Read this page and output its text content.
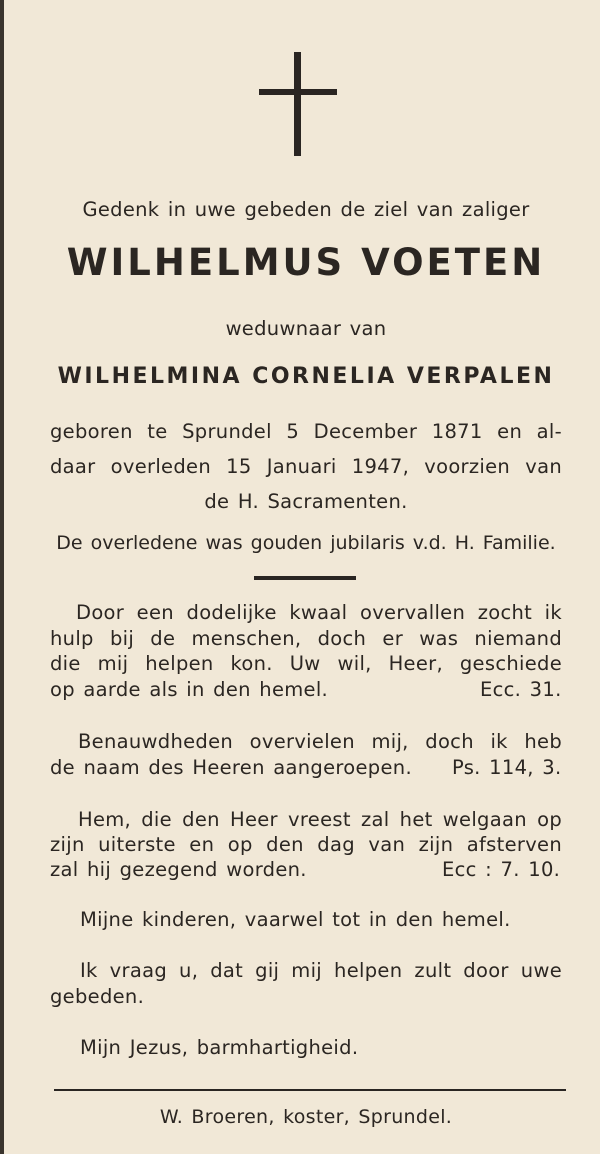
Gedenk in uwe gebeden de ziel van zaliger
WILHELMUS VOETEN
weduwnaar van
WILHELMINA CORNELIA VERPALEN
geboren te Sprundel 5 December 1871 en al-
daar overleden 15 Januari 1947, voorzien van
de H. Sacramenten.
De overledene was gouden jubilaris v.d. H. Familie.
Door een dodelijke kwaal overvallen zocht ik
hulp bij de menschen, doch er was niemand
die mij helpen kon. Uw wil, Heer, geschiede
op aarde als in den hemel.	Ecc. 31.
Benauwdheden overvielen mij, doch ik heb
de naam des Heeren aangeroepen.	Ps. 114, 3.
Hem, die den Heer vreest zal het welgaan op
zijn uiterste en op den dag van zijn afsterven
zal hij gezegend worden.	Ecc : 7. 10.
Mijne kinderen, vaarwel tot in den hemel.
Ik vraag u, dat gij mij helpen zult door uwe
gebeden.
Mijn Jezus, barmhartigheid.
W. Broeren, koster, Sprundel.
